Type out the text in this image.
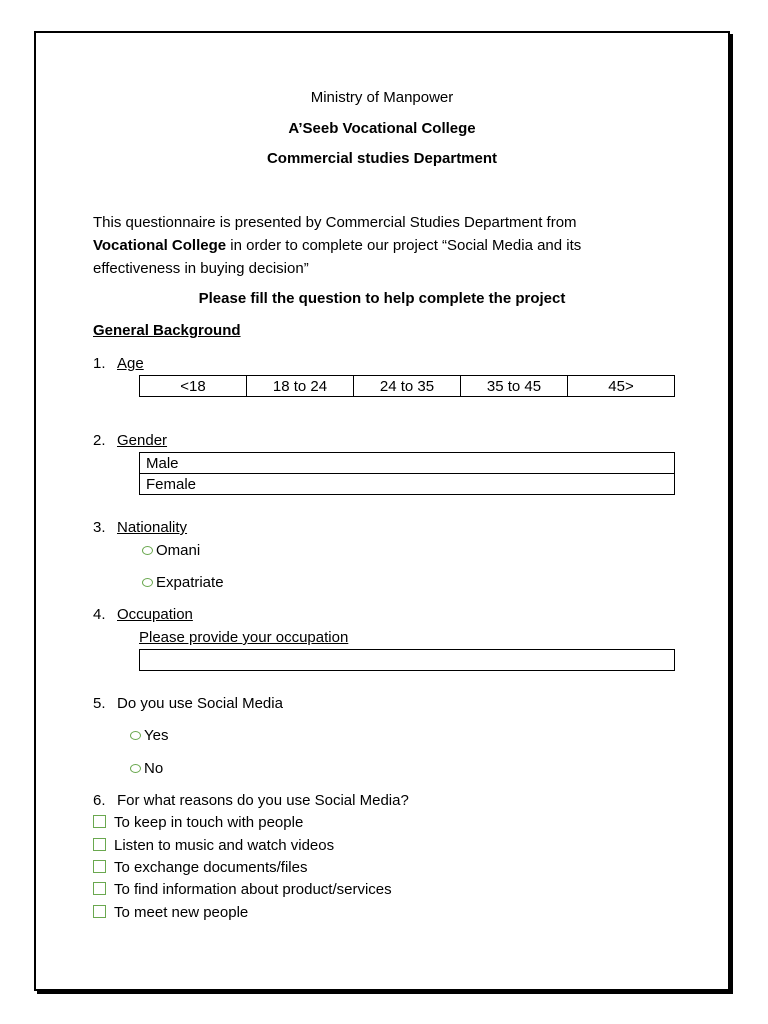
Ministry of Manpower
A’Seeb Vocational College
Commercial studies Department
This questionnaire is presented by Commercial Studies Department from Vocational College in order to complete our project “Social Media and its effectiveness in buying decision”
Please fill the question to help complete the project
General Background
1. Age
<18	18 to 24	24 to 35	35 to 45	45>
2. Gender
Male
Female
3. Nationality
Omani
Expatriate
4. Occupation
Please provide your occupation
5. Do you use Social Media
Yes
No
6. For what reasons do you use Social Media?
To keep in touch with people
Listen to music and watch videos
To exchange documents/files
To find information about product/services
To meet new people
